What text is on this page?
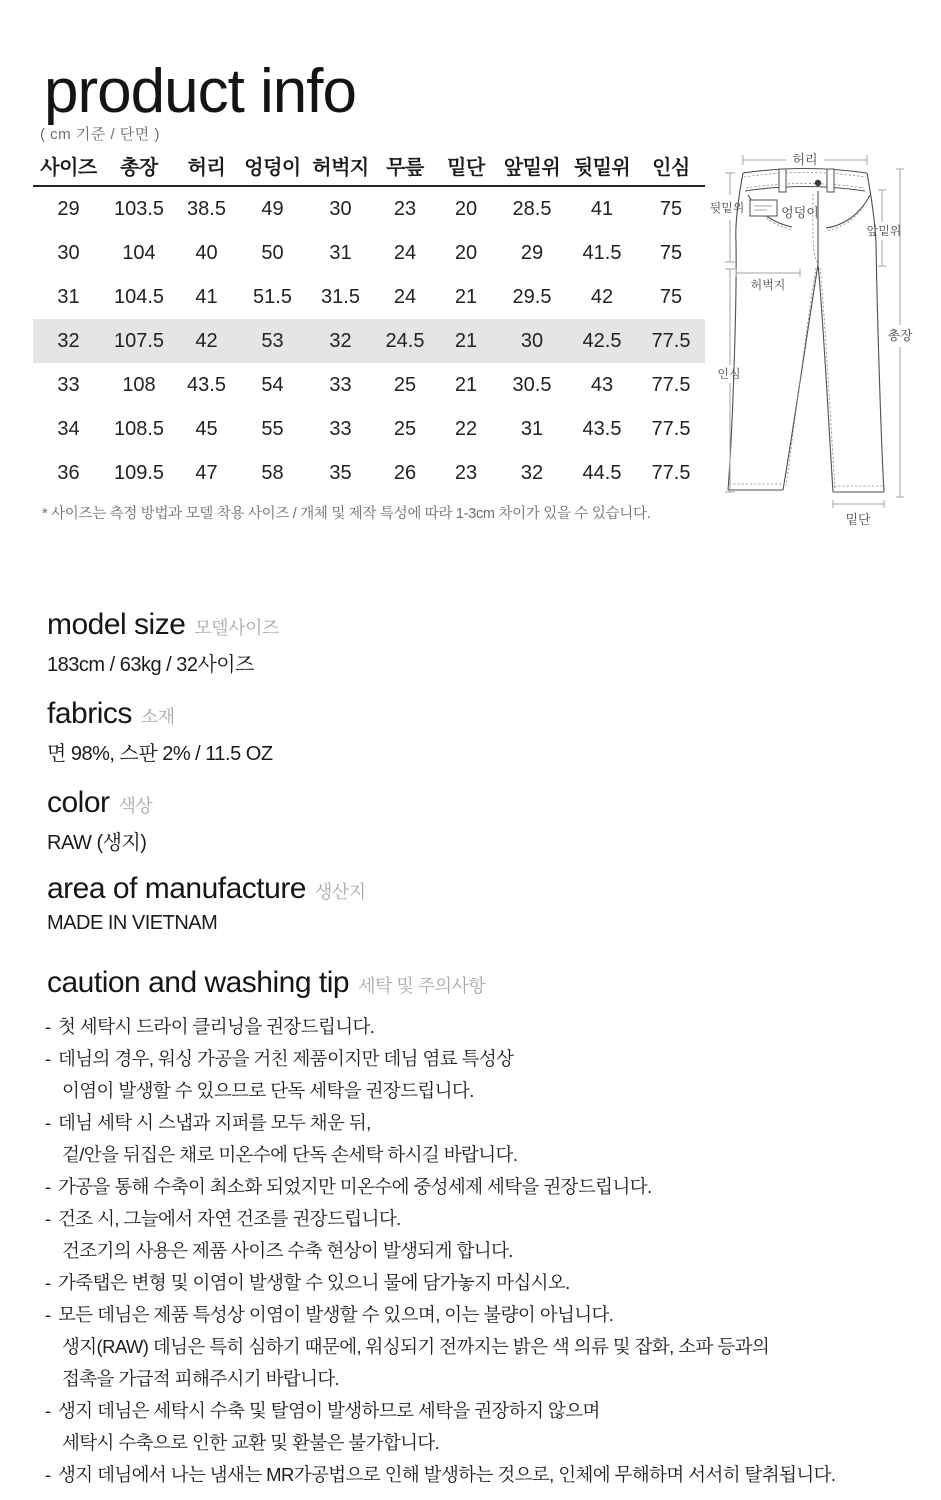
product info
( cm 기준 / 단면 )
사이즈	총장	허리	엉덩이	허벅지	무릎	밑단	앞밑위	뒷밑위	인심
29	103.5	38.5	49	30	23	20	28.5	41	75
30	104	40	50	31	24	20	29	41.5	75
31	104.5	41	51.5	31.5	24	21	29.5	42	75
32	107.5	42	53	32	24.5	21	30	42.5	77.5
33	108	43.5	54	33	25	21	30.5	43	77.5
34	108.5	45	55	33	25	22	31	43.5	77.5
36	109.5	47	58	35	26	23	32	44.5	77.5
* 사이즈는 측정 방법과 모델 착용 사이즈 / 개체 및 제작 특성에 따라 1-3cm 차이가 있을 수 있습니다.
허리
뒷밑위	엉덩이
앞밑위
허벅지
인심
총장
밑단
model size 모델사이즈
183cm / 63kg / 32사이즈
fabrics 소재
면 98%, 스판 2% / 11.5 OZ
color 색상
RAW (생지)
area of manufacture 생산지
MADE IN VIETNAM
caution and washing tip 세탁 및 주의사항
- 첫 세탁시 드라이 클리닝을 권장드립니다.
- 데님의 경우, 워싱 가공을 거친 제품이지만 데님 염료 특성상
이염이 발생할 수 있으므로 단독 세탁을 권장드립니다.
- 데님 세탁 시 스냅과 지퍼를 모두 채운 뒤,
겉/안을 뒤집은 채로 미온수에 단독 손세탁 하시길 바랍니다.
- 가공을 통해 수축이 최소화 되었지만 미온수에 중성세제 세탁을 권장드립니다.
- 건조 시, 그늘에서 자연 건조를 권장드립니다.
건조기의 사용은 제품 사이즈 수축 현상이 발생되게 합니다.
- 가죽탭은 변형 및 이염이 발생할 수 있으니 물에 담가놓지 마십시오.
- 모든 데님은 제품 특성상 이염이 발생할 수 있으며, 이는 불량이 아닙니다.
생지(RAW) 데님은 특히 심하기 때문에, 워싱되기 전까지는 밝은 색 의류 및 잡화, 소파 등과의
접촉을 가급적 피해주시기 바랍니다.
- 생지 데님은 세탁시 수축 및 탈염이 발생하므로 세탁을 권장하지 않으며
세탁시 수축으로 인한 교환 및 환불은 불가합니다.
- 생지 데님에서 나는 냄새는 MR가공법으로 인해 발생하는 것으로, 인체에 무해하며 서서히 탈취됩니다.
